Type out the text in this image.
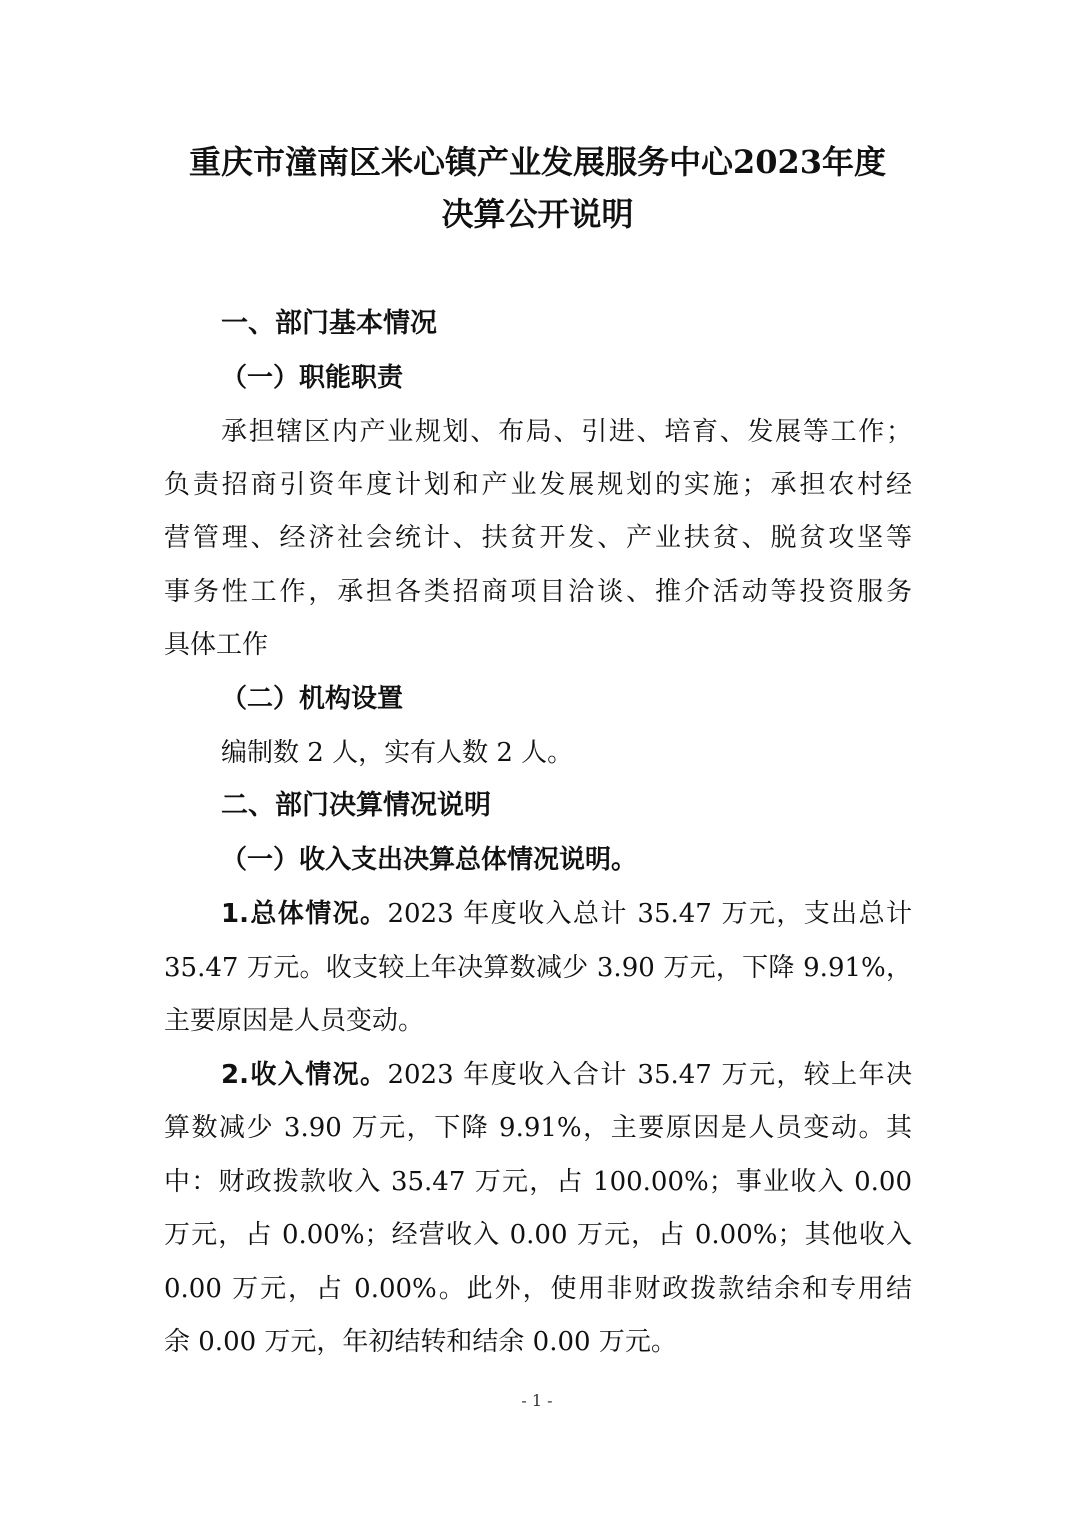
重庆市潼南区米心镇产业发展服务中心2023年度
决算公开说明
一、部门基本情况
（一）职能职责
承担辖区内产业规划、布局、引进、培育、发展等工作；
负责招商引资年度计划和产业发展规划的实施；承担农村经
营管理、经济社会统计、扶贫开发、产业扶贫、脱贫攻坚等
事务性工作，承担各类招商项目洽谈、推介活动等投资服务
具体工作
（二）机构设置
编制数 2 人，实有人数 2 人。
二、部门决算情况说明
（一）收入支出决算总体情况说明。
1.总体情况。2023 年度收入总计 35.47 万元，支出总计
35.47 万元。收支较上年决算数减少 3.90 万元，下降 9.91%，
主要原因是人员变动。
2.收入情况。2023 年度收入合计 35.47 万元，较上年决
算数减少 3.90 万元，下降 9.91%，主要原因是人员变动。其
中：财政拨款收入 35.47 万元，占 100.00%；事业收入 0.00
万元，占 0.00%；经营收入 0.00 万元，占 0.00%；其他收入
0.00 万元，占 0.00%。此外，使用非财政拨款结余和专用结
余 0.00 万元，年初结转和结余 0.00 万元。
- 1 -
